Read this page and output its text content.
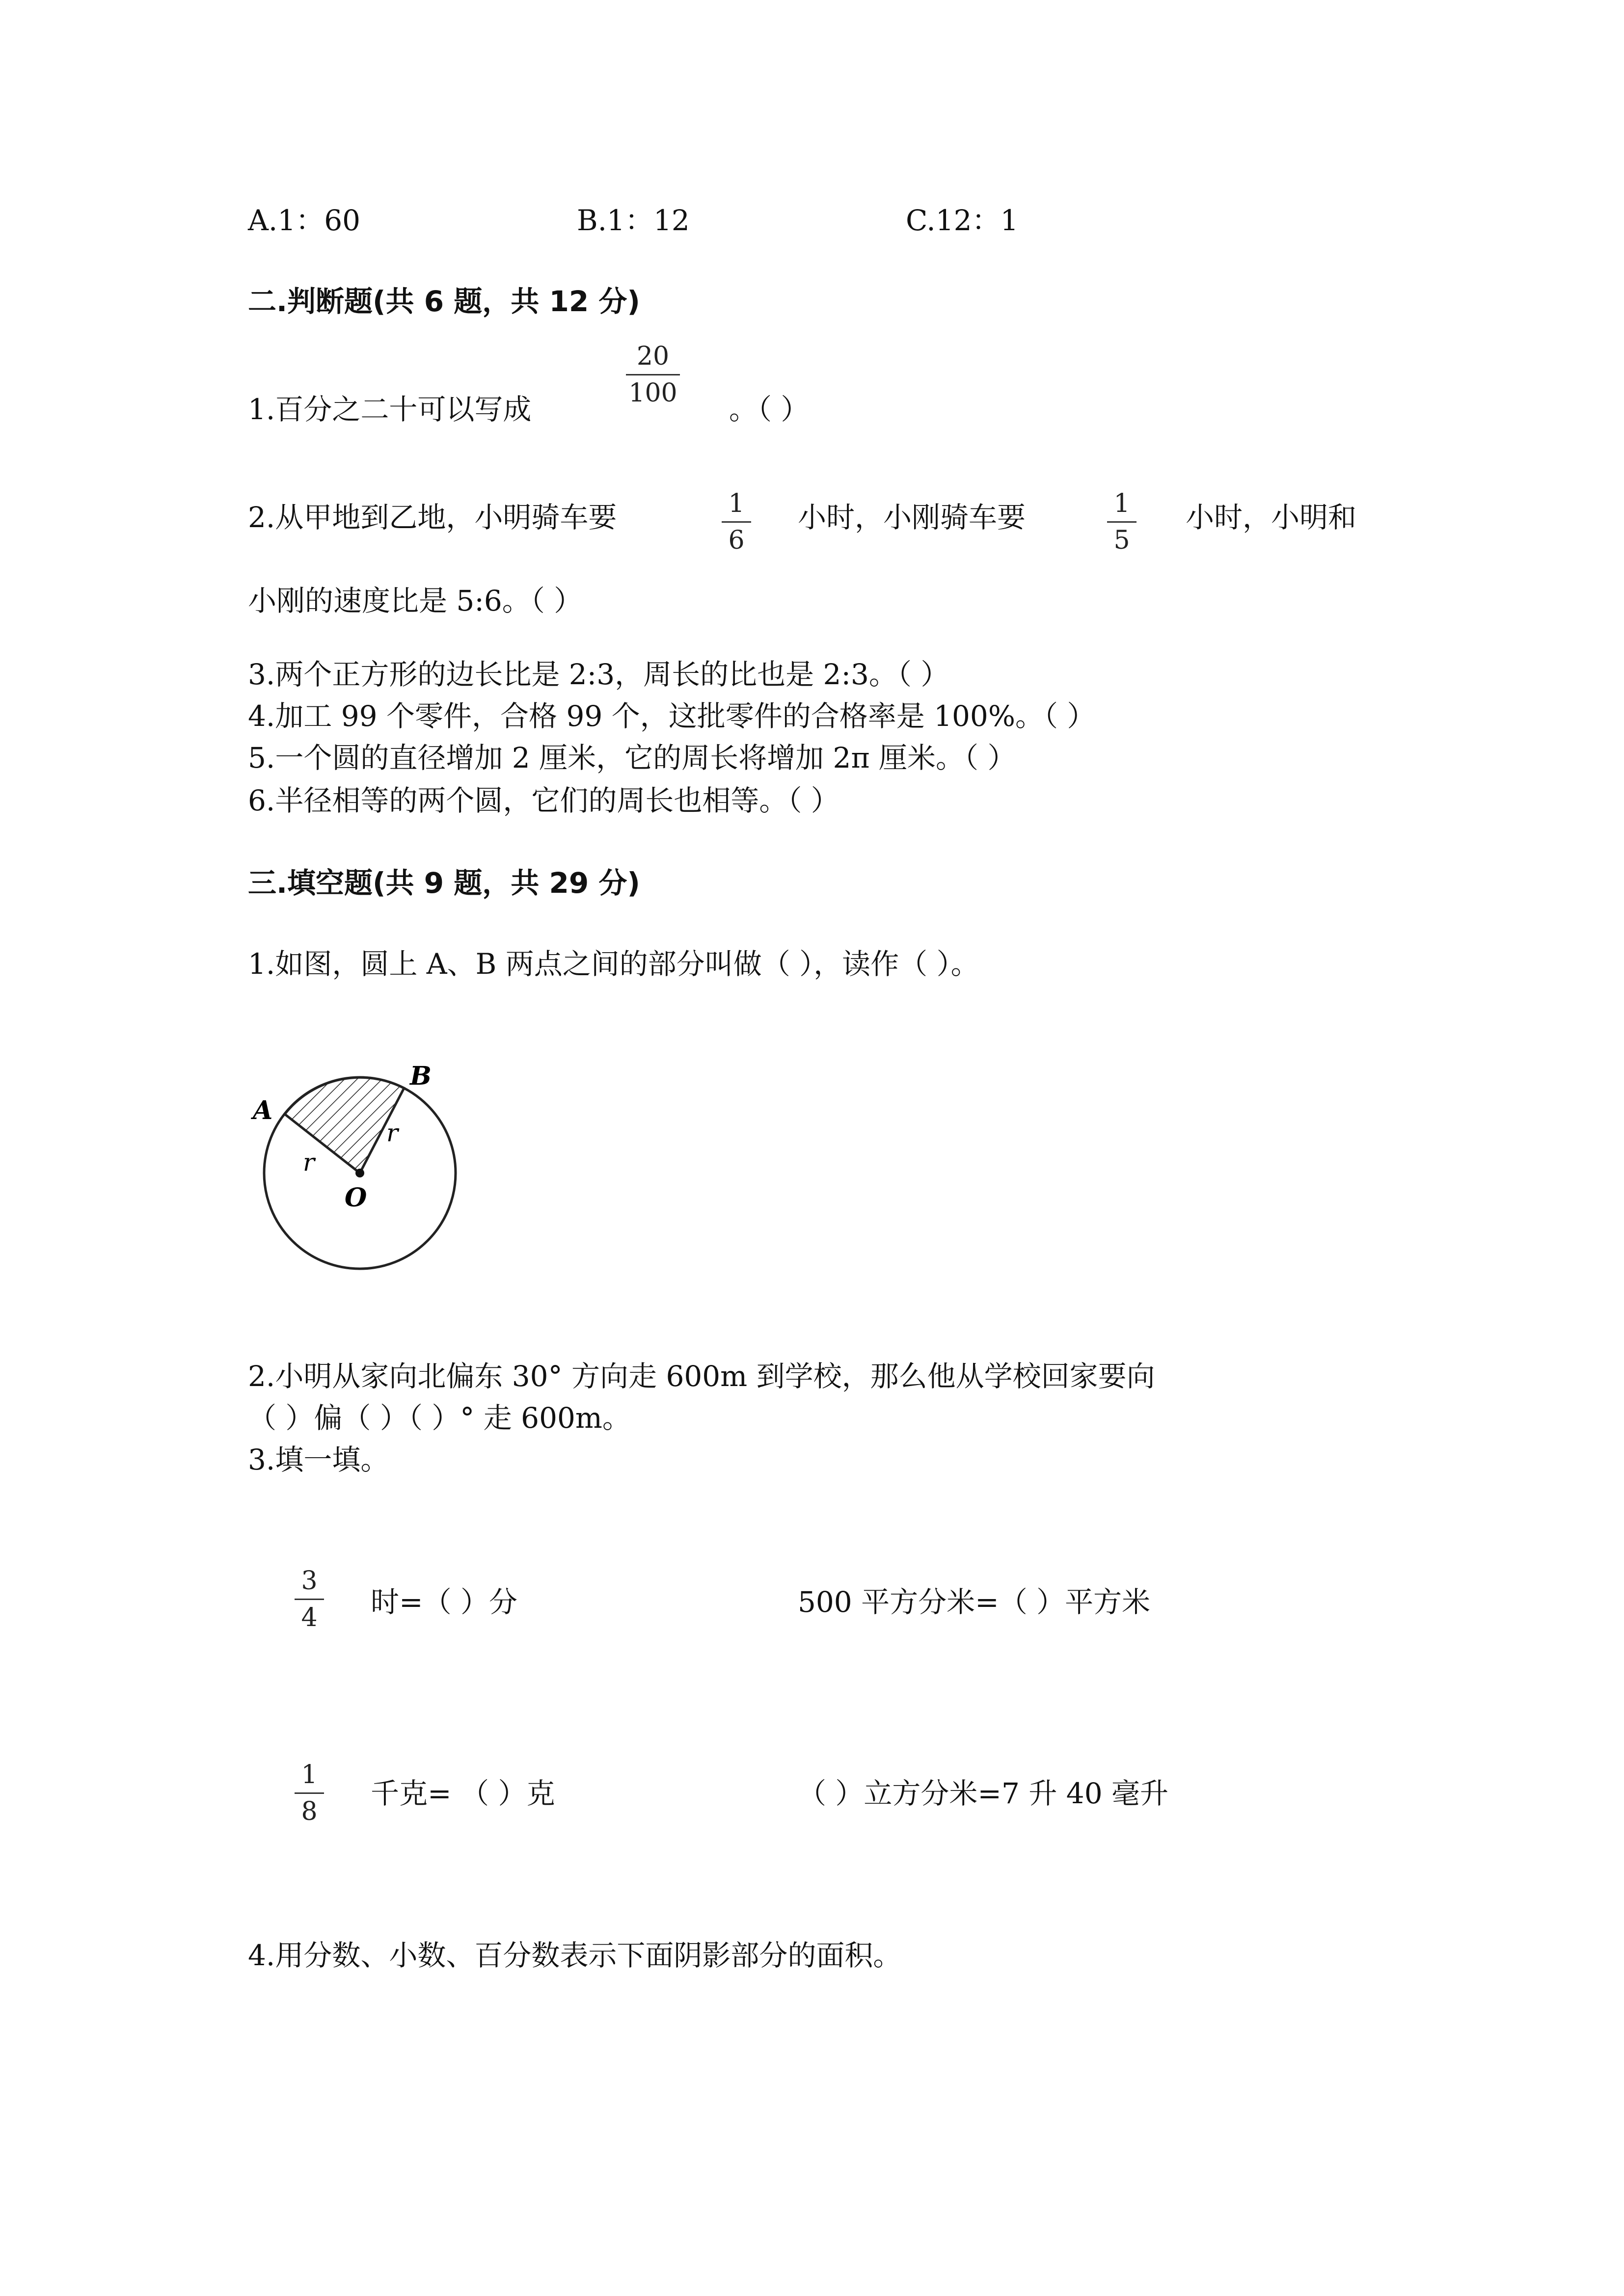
A.1：60	B.1：12	C.12：1
二.判断题(共 6 题，共 12 分)
1.百分之二十可以写成
20
100 。（ ）
2.从甲地到乙地，小明骑车要	1
6
小时，小刚骑车要	1
5
小时，小明和
小刚的速度比是 5:6。（ ）
3.两个正方形的边长比是 2:3，周长的比也是 2:3。（ ）
4.加工 99 个零件，合格 99 个，这批零件的合格率是 100%。（ ）
5.一个圆的直径增加 2 厘米，它的周长将增加 2π 厘米。（ ）
6.半径相等的两个圆，它们的周长也相等。（ ）
三.填空题(共 9 题，共 29 分)
1.如图，圆上 A、B 两点之间的部分叫做（ ），读作（ ）。
A
B
O
r
r
2.小明从家向北偏东 30° 方向走 600m 到学校，那么他从学校回家要向
（ ）偏（ ）（ ）° 走 600m。
3.填一填。
3
4 时=（ ）分	500 平方分米=（ ）平方米
1
8
千克= （ ）克	（ ）立方分米=7 升 40 毫升
4.用分数、小数、百分数表示下面阴影部分的面积。
